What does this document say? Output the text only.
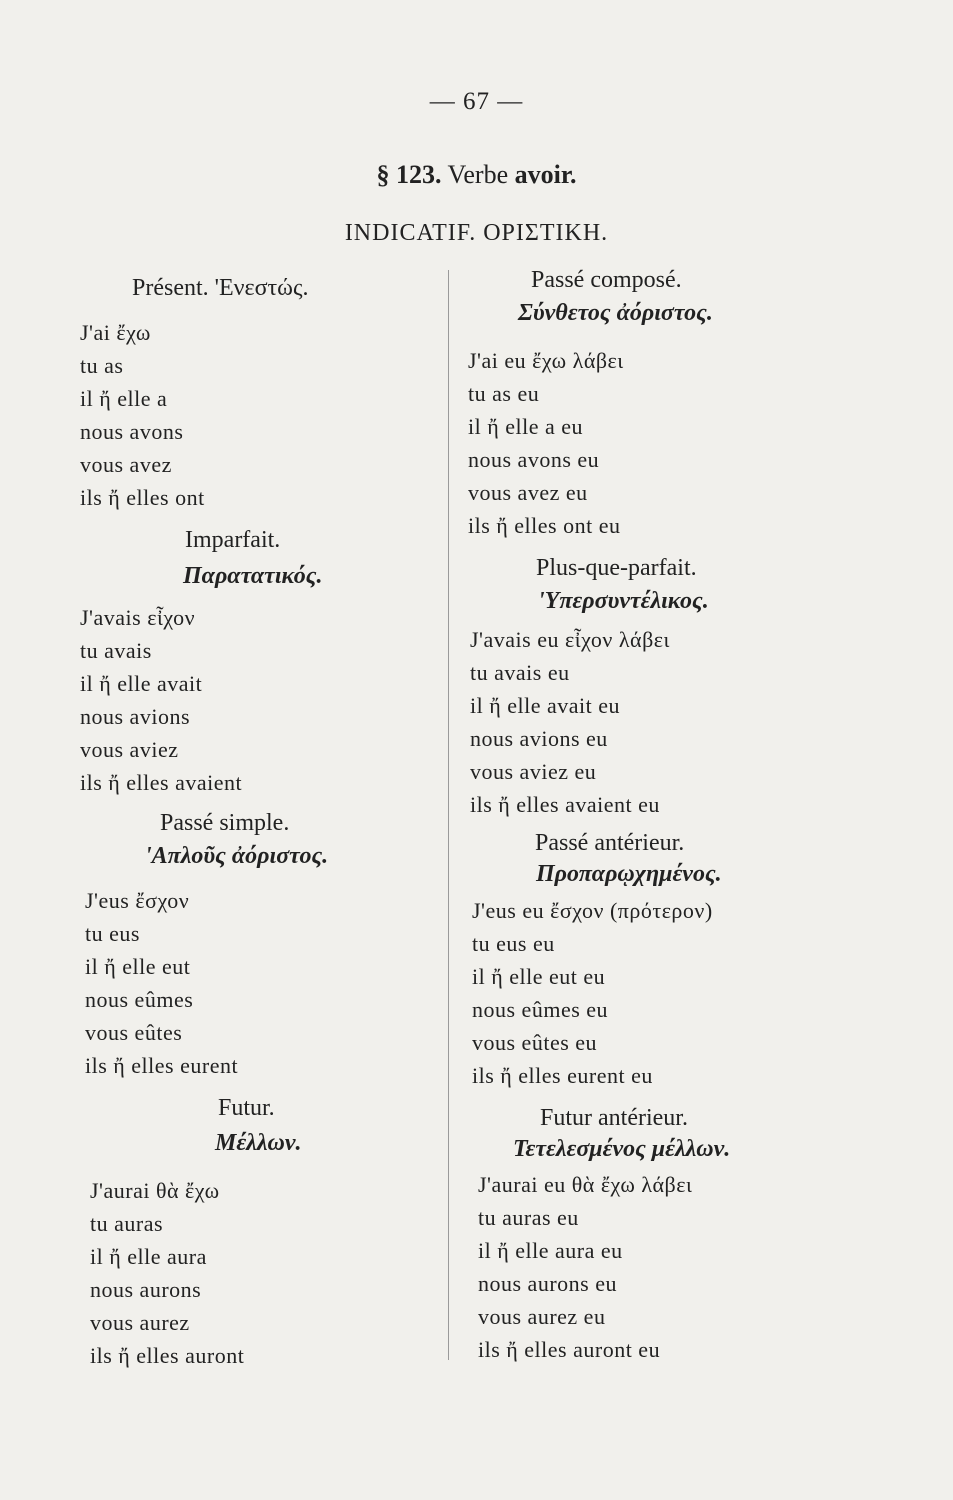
— 67 —
§ 123. Verbe avoir.
INDICATIF. ΟΡΙΣΤΙΚΗ.
Présent. 'Ενεστώς.
J'ai ἔχω
tu as
il ἤ elle a
nous avons
vous avez
ils ἤ elles ont
Imparfait.
Παρατατικός.
J'avais εἶχον
tu avais
il ἤ elle avait
nous avions
vous aviez
ils ἤ elles avaient
Passé simple.
'Απλοῦς ἀόριστος.
J'eus ἔσχον
tu eus
il ἤ elle eut
nous eûmes
vous eûtes
ils ἤ elles eurent
Futur.
Μέλλων.
J'aurai θὰ ἔχω
tu auras
il ἤ elle aura
nous aurons
vous aurez
ils ἤ elles auront
Passé composé.
Σύνθετος ἀόριστος.
J'ai eu ἔχω λάβει
tu as eu
il ἤ elle a eu
nous avons eu
vous avez eu
ils ἤ elles ont eu
Plus-que-parfait.
'Υπερσυντέλικος.
J'avais eu εἶχον λάβει
tu avais eu
il ἤ elle avait eu
nous avions eu
vous aviez eu
ils ἤ elles avaient eu
Passé antérieur.
Προπαρῳχημένος.
J'eus eu ἔσχον (πρότερον)
tu eus eu
il ἤ elle eut eu
nous eûmes eu
vous eûtes eu
ils ἤ elles eurent eu
Futur antérieur.
Τετελεσμένος μέλλων.
J'aurai eu θὰ ἔχω λάβει
tu auras eu
il ἤ elle aura eu
nous aurons eu
vous aurez eu
ils ἤ elles auront eu
